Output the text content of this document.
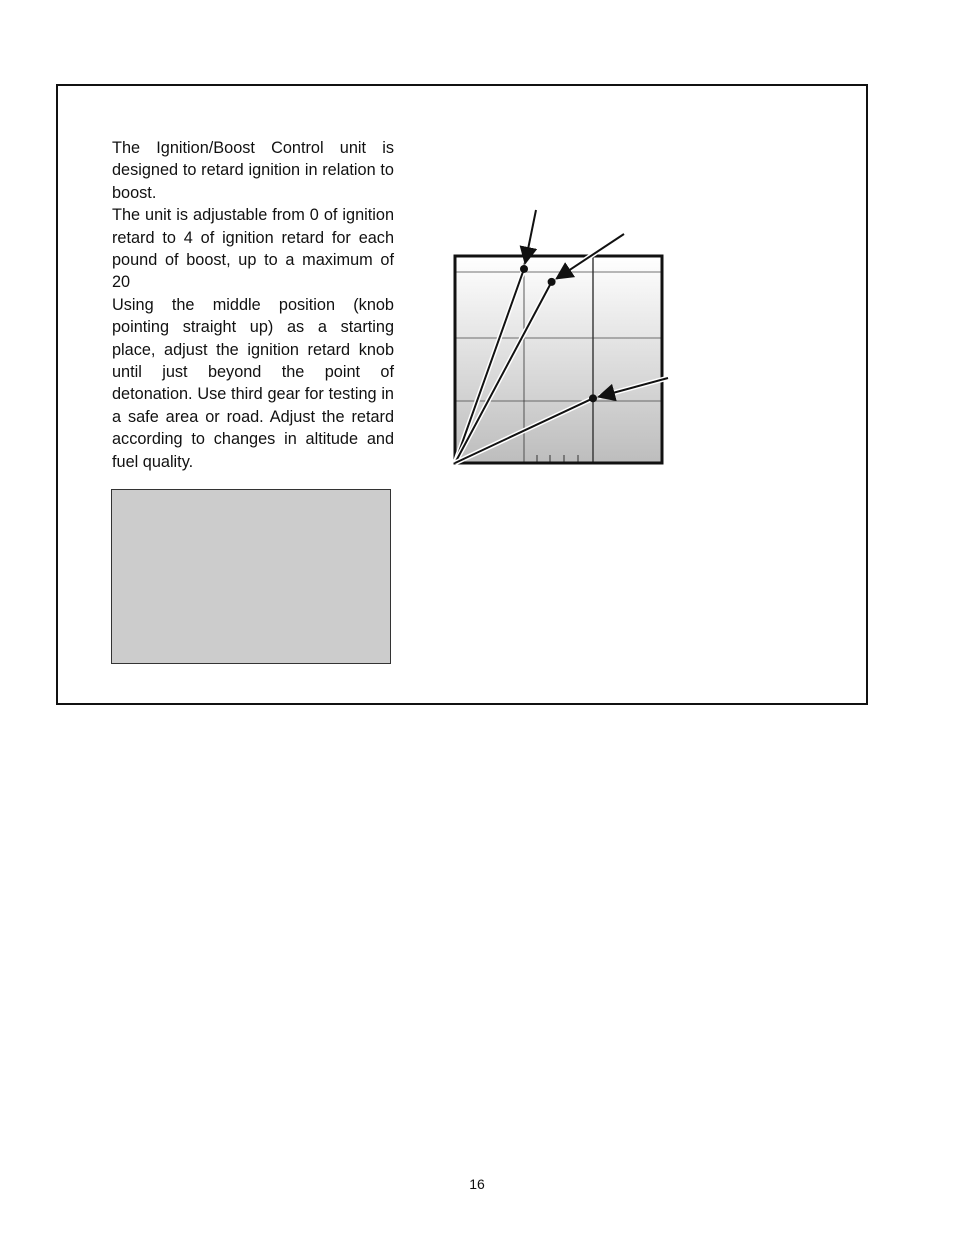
The Ignition/Boost Control unit is designed to retard ignition in relation to boost.

The unit is adjustable from 0 of ignition retard to 4 of ignition retard for each pound of boost, up to a maximum of 20

Using the middle position (knob pointing straight up) as a starting place, adjust the ignition retard knob until just beyond the point of detonation. Use third gear for testing in a safe area or road. Adjust the retard according to changes in altitude and fuel quality.

16
